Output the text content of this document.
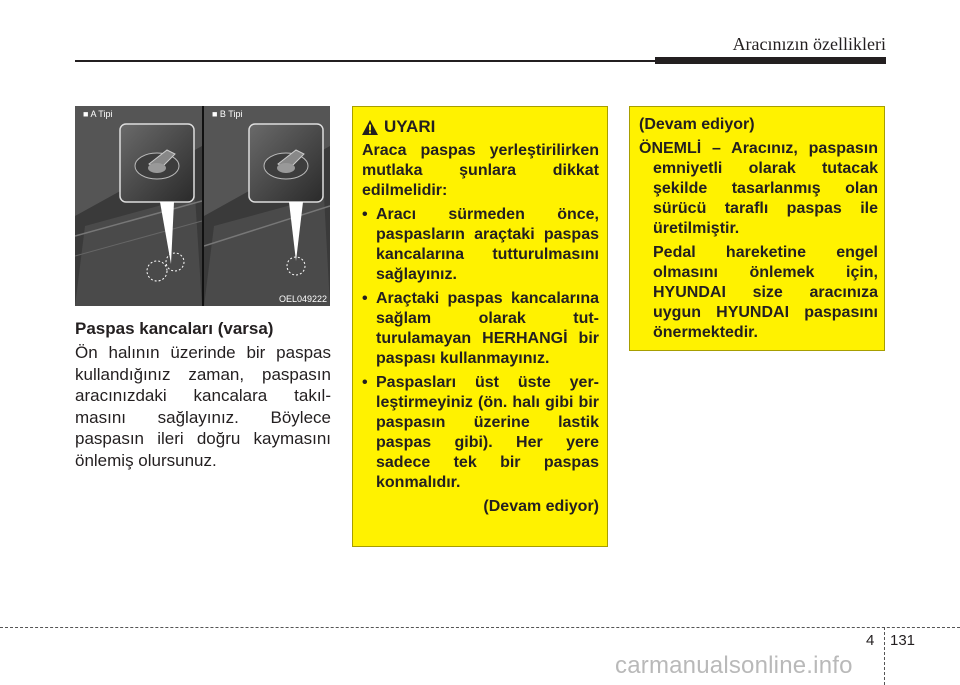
Aracınızın özellikleri
■ A Tipi	■ B Tipi
OEL049222
Paspas kancaları (varsa)

Ön halının üzerinde bir paspas kullandığınız zaman, paspasın aracınızdaki kancalara takılmasını sağlayınız. Böylece paspasın ileri doğru kaymasını önlemiş olursunuz.

UYARI

Araca paspas yerleştirilirken mutlaka şunlara dikkat edilmelidir:

• Aracı sürmeden önce, paspasların araçtaki paspas kancalarına tutturulmasını sağlayınız.
• Araçtaki paspas kancalarına sağlam olarak tutturulamayan HERHANGİ bir paspası kullanmayınız.
• Paspasları üst üste yerleştirmeyiniz (ön. halı gibi bir paspasın üzerine lastik paspas gibi). Her yere sadece tek bir paspas konmalıdır.
(Devam ediyor)

(Devam ediyor)

ÖNEMLİ – Aracınız, paspasın emniyetli olarak tutacak şekilde tasarlanmış olan sürücü taraflı paspas ile üretilmiştir.

Pedal hareketine engel olmasını önlemek için, HYUNDAI size aracınıza uygun HYUNDAI paspasını önermektedir.

4 131
carmanualsonline.info
